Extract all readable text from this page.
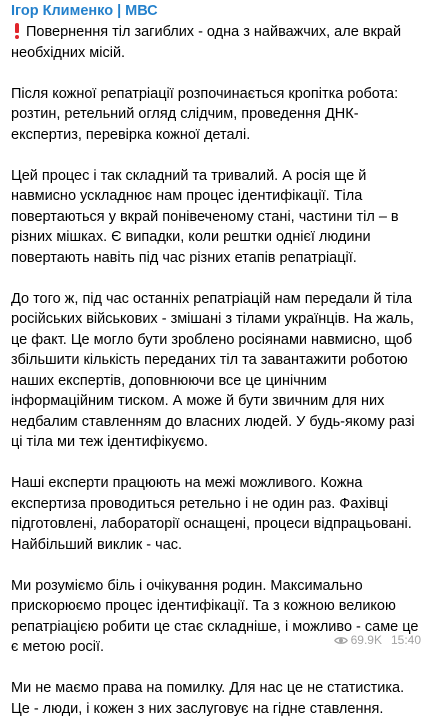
Ігор Клименко | МВС
Повернення тіл загиблих - одна з найважчих, але вкрай необхідних місій.
Після кожної репатріації розпочинається кропітка робота: розтин, ретельний огляд слідчим, проведення ДНК-експертиз, перевірка кожної деталі.
Цей процес і так складний та тривалий. А росія ще й навмисно ускладнює нам процес ідентифікації. Тіла повертаються у вкрай понівеченому стані, частини тіл – в різних мішках. Є випадки, коли рештки однієї людини повертають навіть під час різних етапів репатріації.
До того ж, під час останніх репатріацій нам передали й тіла російських військових - змішані з тілами українців. На жаль, це факт. Це могло бути зроблено росіянами навмисно, щоб збільшити кількість переданих тіл та завантажити роботою наших експертів, доповнюючи все це цинічним інформаційним тиском. А може й бути звичним для них недбалим ставленням до власних людей. У будь-якому разі ці тіла ми теж ідентифікуємо.
Наші експерти працюють на межі можливого. Кожна експертиза проводиться ретельно і не один раз. Фахівці підготовлені, лабораторії оснащені, процеси відпрацьовані. Найбільший виклик - час.
Ми розуміємо біль і очікування родин. Максимально прискорюємо процес ідентифікації. Та з кожною великою репатріацією робити це стає складніше, і можливо - саме це є метою росії.
Ми не маємо права на помилку. Для нас це не статистика. Це - люди, і кожен з них заслуговує на гідне ставлення.
69.9K 15:40
